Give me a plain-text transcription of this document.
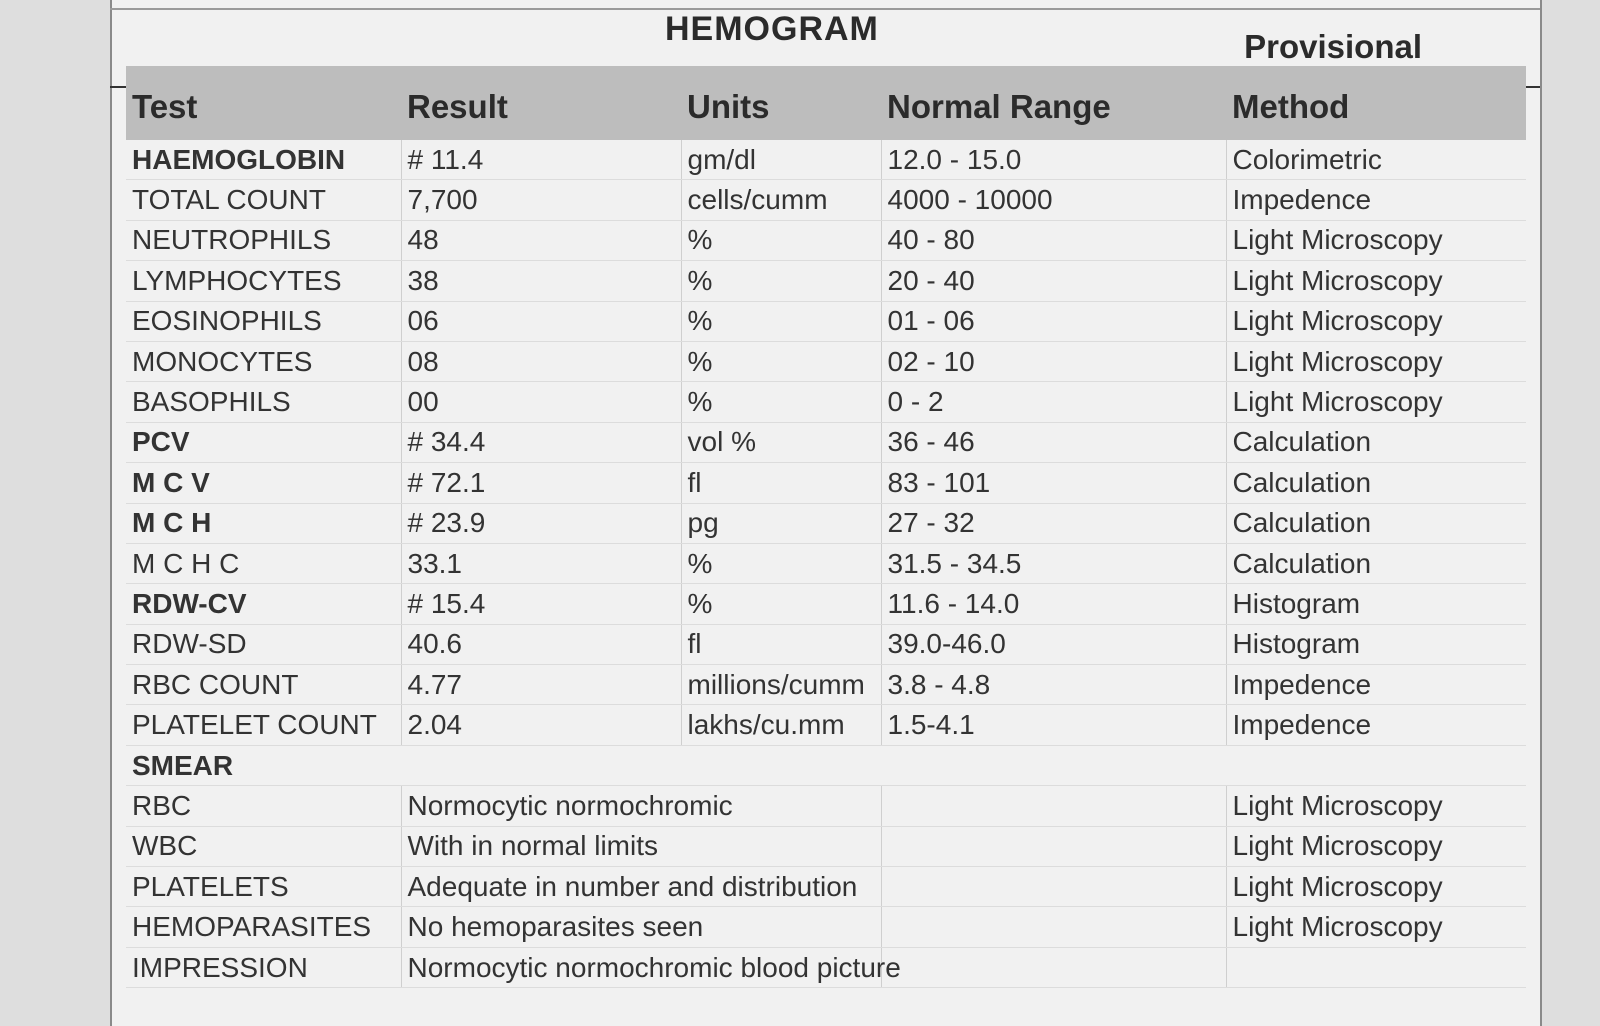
HEMOGRAM	Provisional
Test	Result	Units	Normal Range	Method
HAEMOGLOBIN	# 11.4	gm/dl	12.0 - 15.0	Colorimetric
TOTAL COUNT	7,700	cells/cumm	4000 - 10000	Impedence
NEUTROPHILS	48	%	40 - 80	Light Microscopy
LYMPHOCYTES	38	%	20 - 40	Light Microscopy
EOSINOPHILS	06	%	01 - 06	Light Microscopy
MONOCYTES	08	%	02 - 10	Light Microscopy
BASOPHILS	00	%	0 - 2	Light Microscopy
PCV	# 34.4	vol %	36 - 46	Calculation
M C V	# 72.1	fl	83 - 101	Calculation
M C H	# 23.9	pg	27 - 32	Calculation
M C H C	33.1	%	31.5 - 34.5	Calculation
RDW-CV	# 15.4	%	11.6 - 14.0	Histogram
RDW-SD	40.6	fl	39.0-46.0	Histogram
RBC COUNT	4.77	millions/cumm	3.8 - 4.8	Impedence
PLATELET COUNT	2.04	lakhs/cu.mm	1.5-4.1	Impedence
SMEAR				
RBC	Normocytic normochromic			Light Microscopy
WBC	With in normal limits			Light Microscopy
PLATELETS	Adequate in number and distribution			Light Microscopy
HEMOPARASITES	No hemoparasites seen			Light Microscopy
IMPRESSION	Normocytic normochromic blood picture			
